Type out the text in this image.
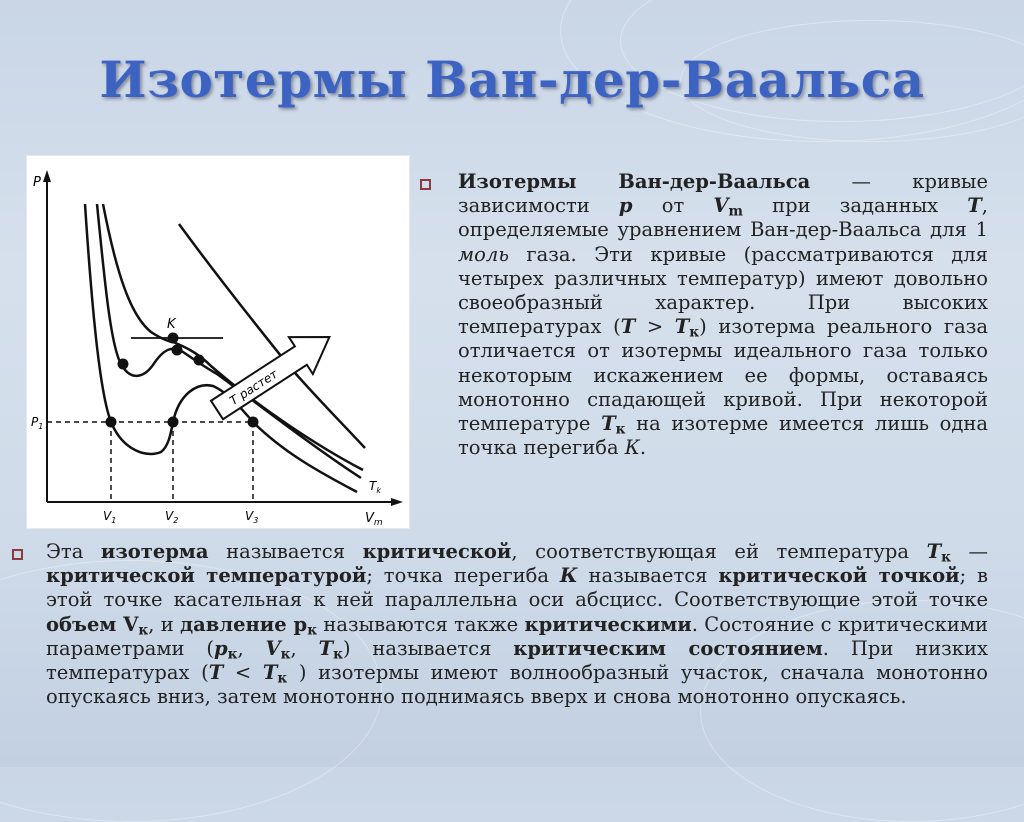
Изотермы Ван-дер-Ваальса
P
$V_m$
$P_1$
$V_1$	$V_2$	$V_3$
K
$T_k$
T растет
Изотермы Ван-дер-Ваальса — кривые зависимости p от $V_m$ при заданных T, определяемые уравнением Ван-дер-Ваальса для 1 моль газа. Эти кривые (рассматриваются для четырех различных температур) имеют довольно своеобразный характер. При высоких температурах $(T > T_к)$ изотерма реального газа отличается от изотермы идеального газа только некоторым искажением ее формы, оставаясь монотонно спадающей кривой. При некоторой температуре $T_к$ на изотерме имеется лишь одна точка перегиба К.
Эта изотерма называется критической, соответствующая ей температура $T_к$ — критической температурой; точка перегиба К называется критической точкой; в этой точке касательная к ней параллельна оси абсцисс. Соответствующие этой точке объем $V_к$, и давление $p_к$ называются также критическими. Состояние с критическими параметрами ($p_к$, $V_к$, $T_к$) называется критическим состоянием. При низких температурах ($T < T_к$ ) изотермы имеют волнообразный участок, сначала монотонно опускаясь вниз, затем монотонно поднимаясь вверх и снова монотонно опускаясь.
